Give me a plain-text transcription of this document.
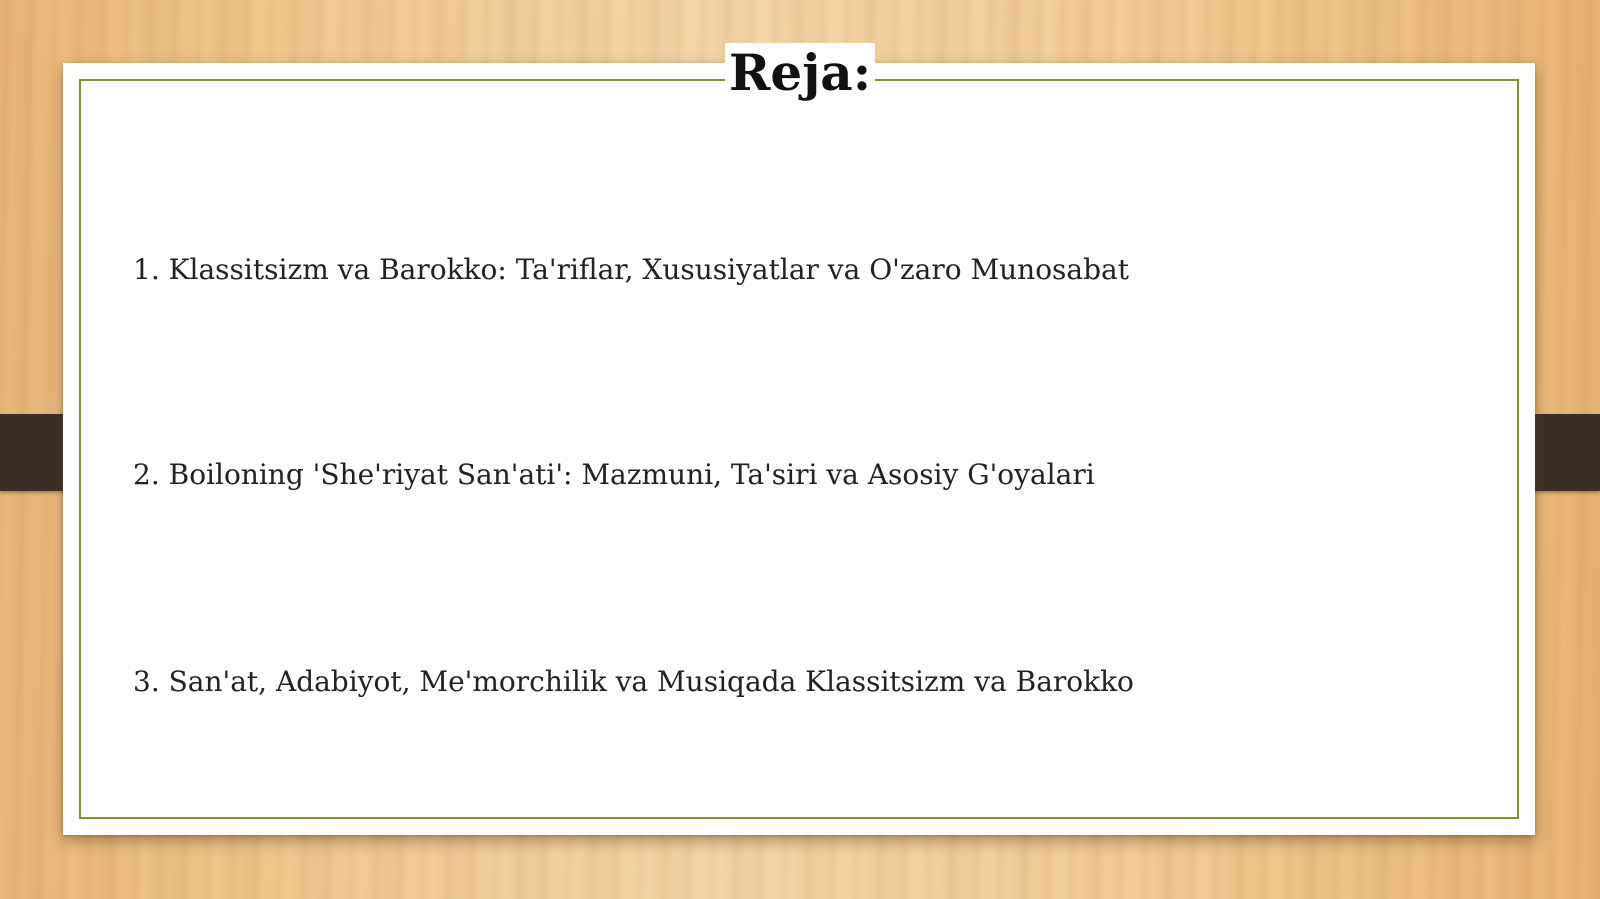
Reja:

1. Klassitsizm va Barokko: Ta'riflar, Xususiyatlar va O'zaro Munosabat

2. Boiloning 'She'riyat San'ati': Mazmuni, Ta'siri va Asosiy G'oyalari

3. San'at, Adabiyot, Me'morchilik va Musiqada Klassitsizm va Barokko
